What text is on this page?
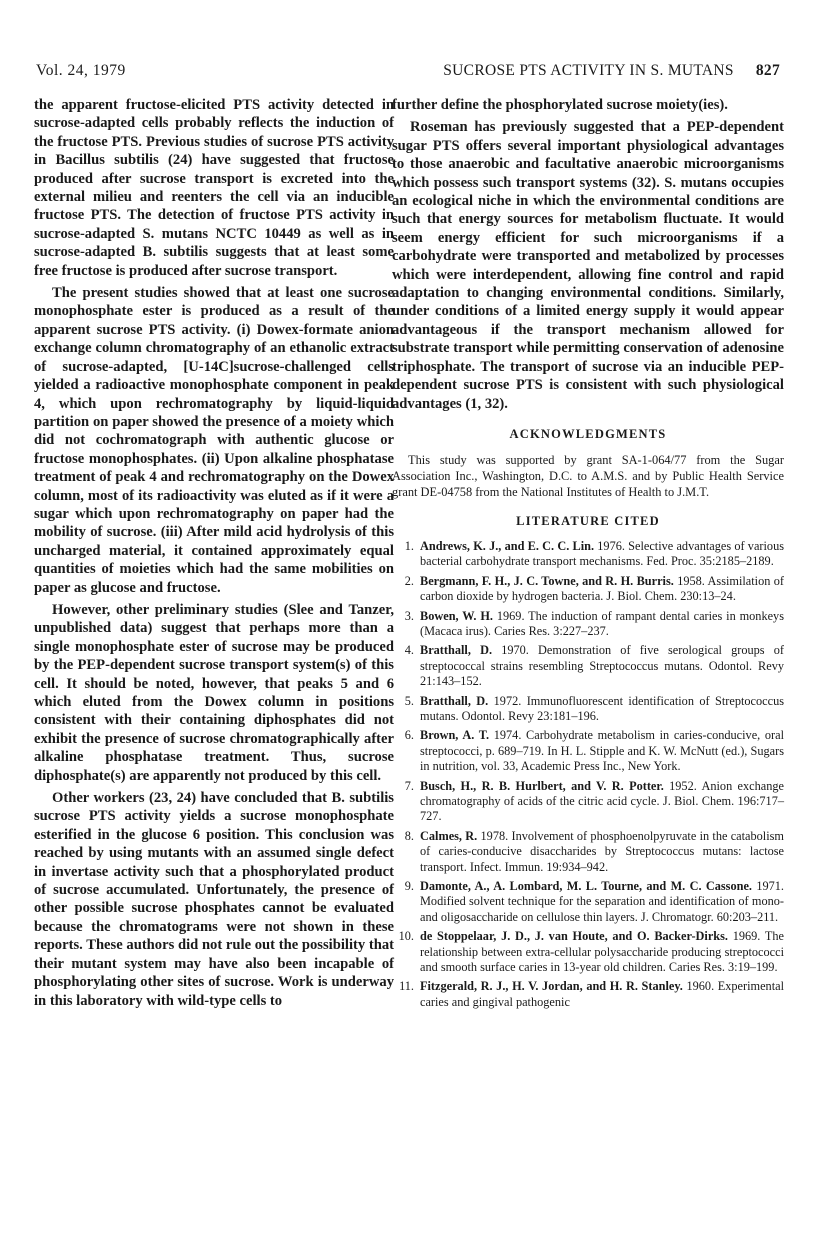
Vol. 24, 1979	SUCROSE PTS ACTIVITY IN S. MUTANS 827

the apparent fructose-elicited PTS activity detected in sucrose-adapted cells probably reflects the induction of the fructose PTS. Previous studies of sucrose PTS activity in Bacillus subtilis (24) have suggested that fructose produced after sucrose transport is excreted into the external milieu and reenters the cell via an inducible fructose PTS. The detection of fructose PTS activity in sucrose-adapted S. mutans NCTC 10449 as well as in sucrose-adapted B. subtilis suggests that at least some free fructose is produced after sucrose transport.

The present studies showed that at least one sucrose monophosphate ester is produced as a result of the apparent sucrose PTS activity. (i) Dowex-formate anion exchange column chromatography of an ethanolic extract of sucrose-adapted, [U-14C]sucrose-challenged cells yielded a radioactive monophosphate component in peak 4, which upon rechromatography by liquid-liquid partition on paper showed the presence of a moiety which did not cochromatograph with authentic glucose or fructose monophosphates. (ii) Upon alkaline phosphatase treatment of peak 4 and rechromatography on the Dowex column, most of its radioactivity was eluted as if it were a sugar which upon rechromatography on paper had the mobility of sucrose. (iii) After mild acid hydrolysis of this uncharged material, it contained approximately equal quantities of moieties which had the same mobilities on paper as glucose and fructose.

However, other preliminary studies (Slee and Tanzer, unpublished data) suggest that perhaps more than a single monophosphate ester of sucrose may be produced by the PEP-dependent sucrose transport system(s) of this cell. It should be noted, however, that peaks 5 and 6 which eluted from the Dowex column in positions consistent with their containing diphosphates did not exhibit the presence of sucrose chromatographically after alkaline phosphatase treatment. Thus, sucrose diphosphate(s) are apparently not produced by this cell.

Other workers (23, 24) have concluded that B. subtilis sucrose PTS activity yields a sucrose monophosphate esterified in the glucose 6 position. This conclusion was reached by using mutants with an assumed single defect in invertase activity such that a phosphorylated product of sucrose accumulated. Unfortunately, the presence of other possible sucrose phosphates cannot be evaluated because the chromatograms were not shown in these reports. These authors did not rule out the possibility that their mutant system may have also been incapable of phosphorylating other sites of sucrose. Work is underway in this laboratory with wild-type cells to

further define the phosphorylated sucrose moiety(ies).

Roseman has previously suggested that a PEP-dependent sugar PTS offers several important physiological advantages to those anaerobic and facultative anaerobic microorganisms which possess such transport systems (32). S. mutans occupies an ecological niche in which the environmental conditions are such that energy sources for metabolism fluctuate. It would seem energy efficient for such microorganisms if a carbohydrate were transported and metabolized by processes which were interdependent, allowing fine control and rapid adaptation to changing environmental conditions. Similarly, under conditions of a limited energy supply it would appear advantageous if the transport mechanism allowed for substrate transport while permitting conservation of adenosine triphosphate. The transport of sucrose via an inducible PEP-dependent sucrose PTS is consistent with such physiological advantages (1, 32).

ACKNOWLEDGMENTS

This study was supported by grant SA-1-064/77 from the Sugar Association Inc., Washington, D.C. to A.M.S. and by Public Health Service grant DE-04758 from the National Institutes of Health to J.M.T.

LITERATURE CITED
1. Andrews, K. J., and E. C. C. Lin. 1976. Selective advantages of various bacterial carbohydrate transport mechanisms. Fed. Proc. 35:2185–2189.
2. Bergmann, F. H., J. C. Towne, and R. H. Burris. 1958. Assimilation of carbon dioxide by hydrogen bacteria. J. Biol. Chem. 230:13–24.
3. Bowen, W. H. 1969. The induction of rampant dental caries in monkeys (Macaca irus). Caries Res. 3:227–237.
4. Bratthall, D. 1970. Demonstration of five serological groups of streptococcal strains resembling Streptococcus mutans. Odontol. Revy 21:143–152.
5. Bratthall, D. 1972. Immunofluorescent identification of Streptococcus mutans. Odontol. Revy 23:181–196.
6. Brown, A. T. 1974. Carbohydrate metabolism in caries-conducive, oral streptococci, p. 689–719. In H. L. Stipple and K. W. McNutt (ed.), Sugars in nutrition, vol. 33, Academic Press Inc., New York.
7. Busch, H., R. B. Hurlbert, and V. R. Potter. 1952. Anion exchange chromatography of acids of the citric acid cycle. J. Biol. Chem. 196:717–727.
8. Calmes, R. 1978. Involvement of phosphoenolpyruvate in the catabolism of caries-conducive disaccharides by Streptococcus mutans: lactose transport. Infect. Immun. 19:934–942.
9. Damonte, A., A. Lombard, M. L. Tourne, and M. C. Cassone. 1971. Modified solvent technique for the separation and identification of mono- and oligosaccharide on cellulose thin layers. J. Chromatogr. 60:203–211.
10. de Stoppelaar, J. D., J. van Houte, and O. Backer-Dirks. 1969. The relationship between extra-cellular polysaccharide producing streptococci and smooth surface caries in 13-year old children. Caries Res. 3:19–199.
11. Fitzgerald, R. J., H. V. Jordan, and H. R. Stanley. 1960. Experimental caries and gingival pathogenic
